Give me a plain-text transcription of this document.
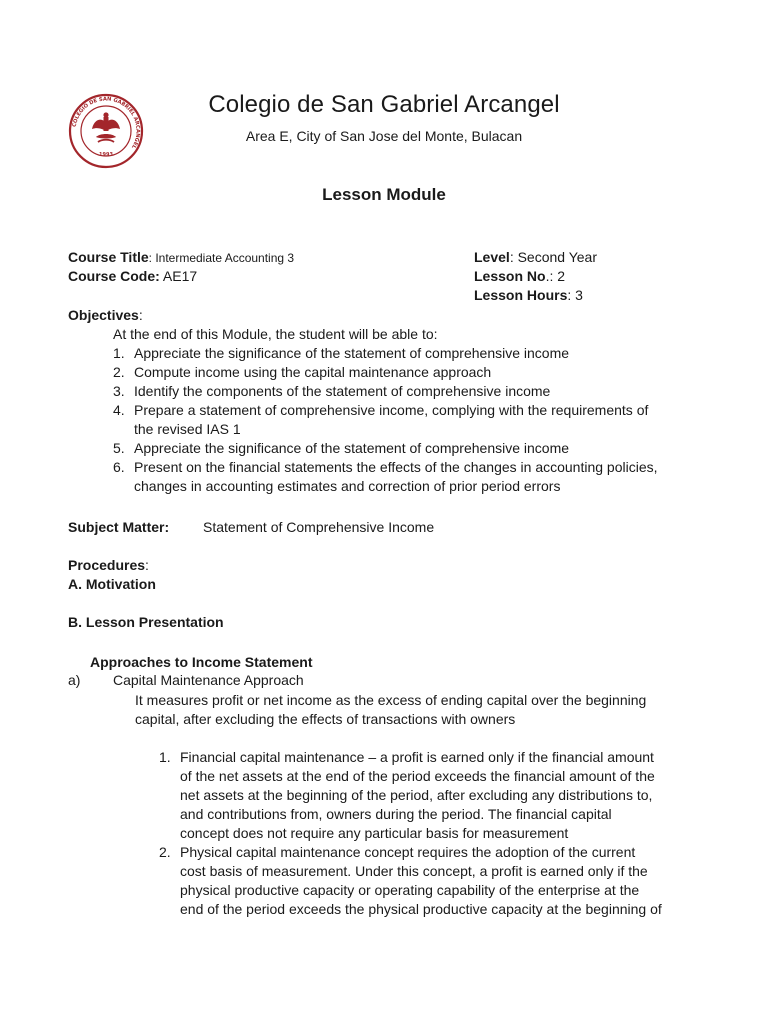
COLEGIO DE SAN GABRIEL ARCANGEL
1993
Colegio de San Gabriel Arcangel
Area E, City of San Jose del Monte, Bulacan
Lesson Module
Course Title: Intermediate Accounting 3
Course Code: AE17
Level: Second Year
Lesson No.: 2
Lesson Hours: 3
Objectives:
At the end of this Module, the student will be able to:
1. Appreciate the significance of the statement of comprehensive income
2. Compute income using the capital maintenance approach
3. Identify the components of the statement of comprehensive income
4. Prepare a statement of comprehensive income, complying with the requirements of
the revised IAS 1
5. Appreciate the significance of the statement of comprehensive income
6. Present on the financial statements the effects of the changes in accounting policies,
changes in accounting estimates and correction of prior period errors
Subject Matter: Statement of Comprehensive Income
Procedures:
A. Motivation
B. Lesson Presentation
Approaches to Income Statement
a) Capital Maintenance Approach
It measures profit or net income as the excess of ending capital over the beginning
capital, after excluding the effects of transactions with owners
1. Financial capital maintenance – a profit is earned only if the financial amount
of the net assets at the end of the period exceeds the financial amount of the
net assets at the beginning of the period, after excluding any distributions to,
and contributions from, owners during the period. The financial capital
concept does not require any particular basis for measurement
2. Physical capital maintenance concept requires the adoption of the current
cost basis of measurement. Under this concept, a profit is earned only if the
physical productive capacity or operating capability of the enterprise at the
end of the period exceeds the physical productive capacity at the beginning of
